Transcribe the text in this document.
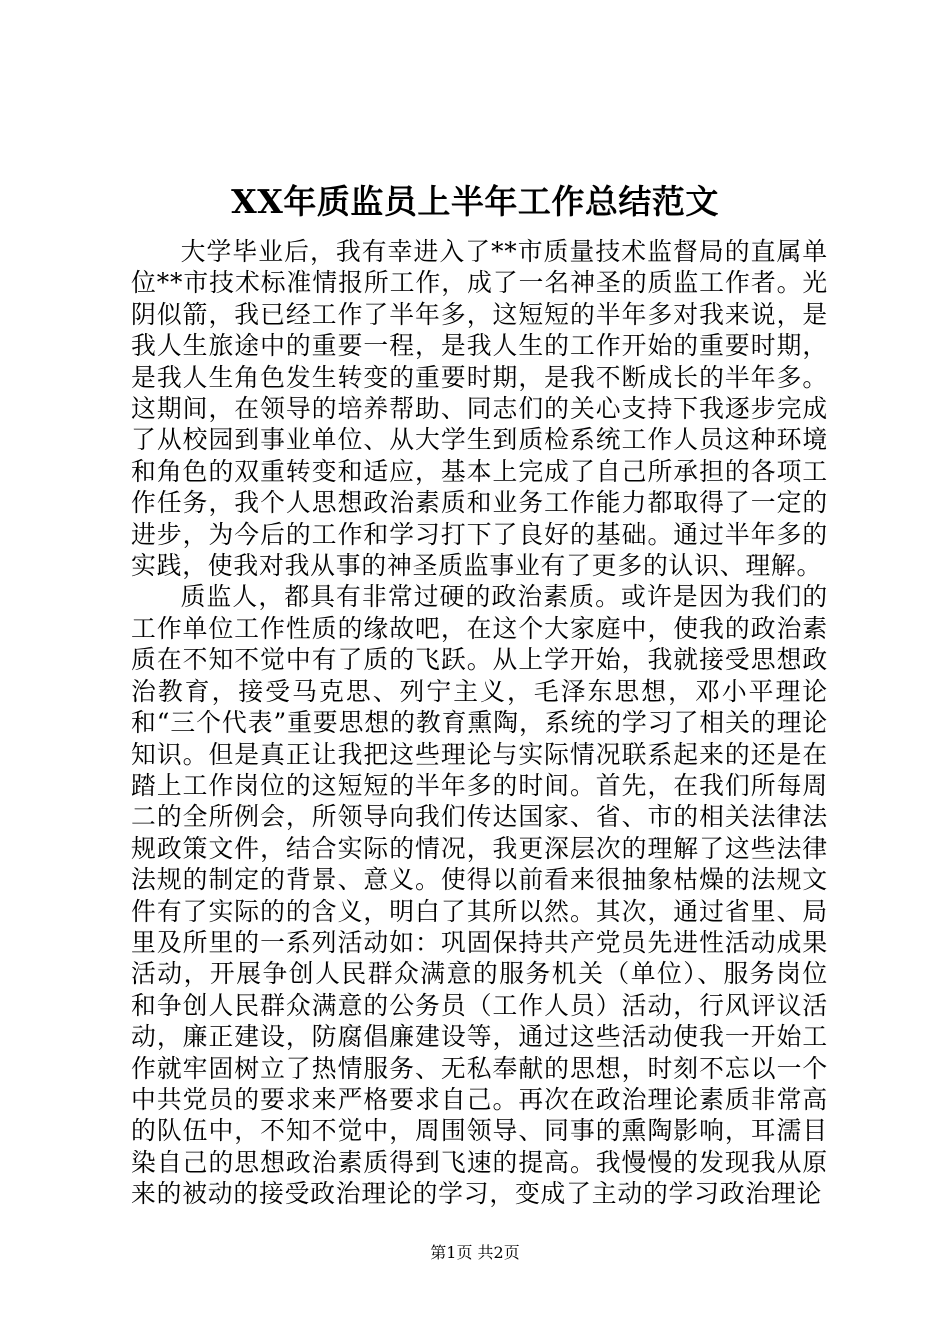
XX年质监员上半年工作总结范文

大学毕业后，我有幸进入了**市质量技术监督局的直属单位**市技术标准情报所工作，成了一名神圣的质监工作者。光阴似箭，我已经工作了半年多，这短短的半年多对我来说，是我人生旅途中的重要一程，是我人生的工作开始的重要时期，是我人生角色发生转变的重要时期，是我不断成长的半年多。这期间，在领导的培养帮助、同志们的关心支持下我逐步完成了从校园到事业单位、从大学生到质检系统工作人员这种环境和角色的双重转变和适应，基本上完成了自己所承担的各项工作任务，我个人思想政治素质和业务工作能力都取得了一定的进步，为今后的工作和学习打下了良好的基础。通过半年多的实践，使我对我从事的神圣质监事业有了更多的认识、理解。

质监人，都具有非常过硬的政治素质。或许是因为我们的工作单位工作性质的缘故吧，在这个大家庭中，使我的政治素质在不知不觉中有了质的飞跃。从上学开始，我就接受思想政治教育，接受马克思、列宁主义，毛泽东思想，邓小平理论和“三个代表”重要思想的教育熏陶，系统的学习了相关的理论知识。但是真正让我把这些理论与实际情况联系起来的还是在踏上工作岗位的这短短的半年多的时间。首先，在我们所每周二的全所例会，所领导向我们传达国家、省、市的相关法律法规政策文件，结合实际的情况，我更深层次的理解了这些法律法规的制定的背景、意义。使得以前看来很抽象枯燥的法规文件有了实际的的含义，明白了其所以然。其次，通过省里、局里及所里的一系列活动如：巩固保持共产党员先进性活动成果活动，开展争创人民群众满意的服务机关（单位）、服务岗位和争创人民群众满意的公务员（工作人员）活动，行风评议活动，廉正建设，防腐倡廉建设等，通过这些活动使我一开始工作就牢固树立了热情服务、无私奉献的思想，时刻不忘以一个中共党员的要求来严格要求自己。再次在政治理论素质非常高的队伍中，不知不觉中，周围领导、同事的熏陶影响，耳濡目染自己的思想政治素质得到飞速的提高。我慢慢的发现我从原来的被动的接受政治理论的学习，变成了主动的学习政治理论

第1页 共2页
